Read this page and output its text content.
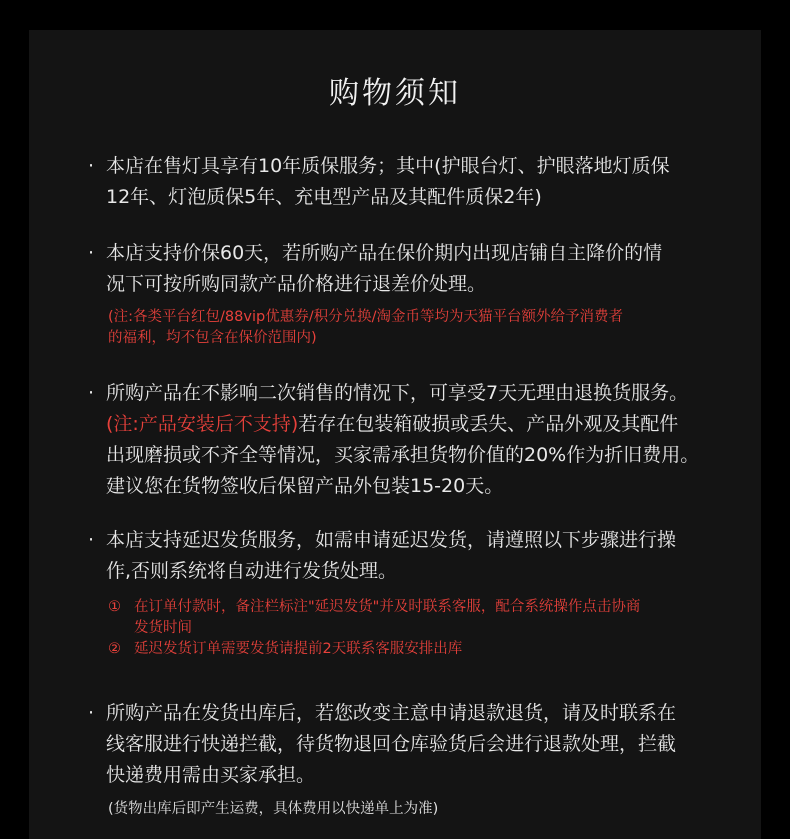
购物须知
· 本店在售灯具享有10年质保服务；其中(护眼台灯、护眼落地灯质保
12年、灯泡质保5年、充电型产品及其配件质保2年)
· 本店支持价保60天，若所购产品在保价期内出现店铺自主降价的情
况下可按所购同款产品价格进行退差价处理。
(注:各类平台红包/88vip优惠券/积分兑换/淘金币等均为天猫平台额外给予消费者
的福利，均不包含在保价范围内)
· 所购产品在不影响二次销售的情况下，可享受7天无理由退换货服务。
(注:产品安装后不支持)若存在包装箱破损或丢失、产品外观及其配件
出现磨损或不齐全等情况，买家需承担货物价值的20%作为折旧费用。
建议您在货物签收后保留产品外包装15-20天。
· 本店支持延迟发货服务，如需申请延迟发货，请遵照以下步骤进行操
作,否则系统将自动进行发货处理。
① 在订单付款时，备注栏标注"延迟发货"并及时联系客服，配合系统操作点击协商
发货时间
② 延迟发货订单需要发货请提前2天联系客服安排出库
· 所购产品在发货出库后，若您改变主意申请退款退货，请及时联系在
线客服进行快递拦截，待货物退回仓库验货后会进行退款处理，拦截
快递费用需由买家承担。
(货物出库后即产生运费，具体费用以快递单上为准)
